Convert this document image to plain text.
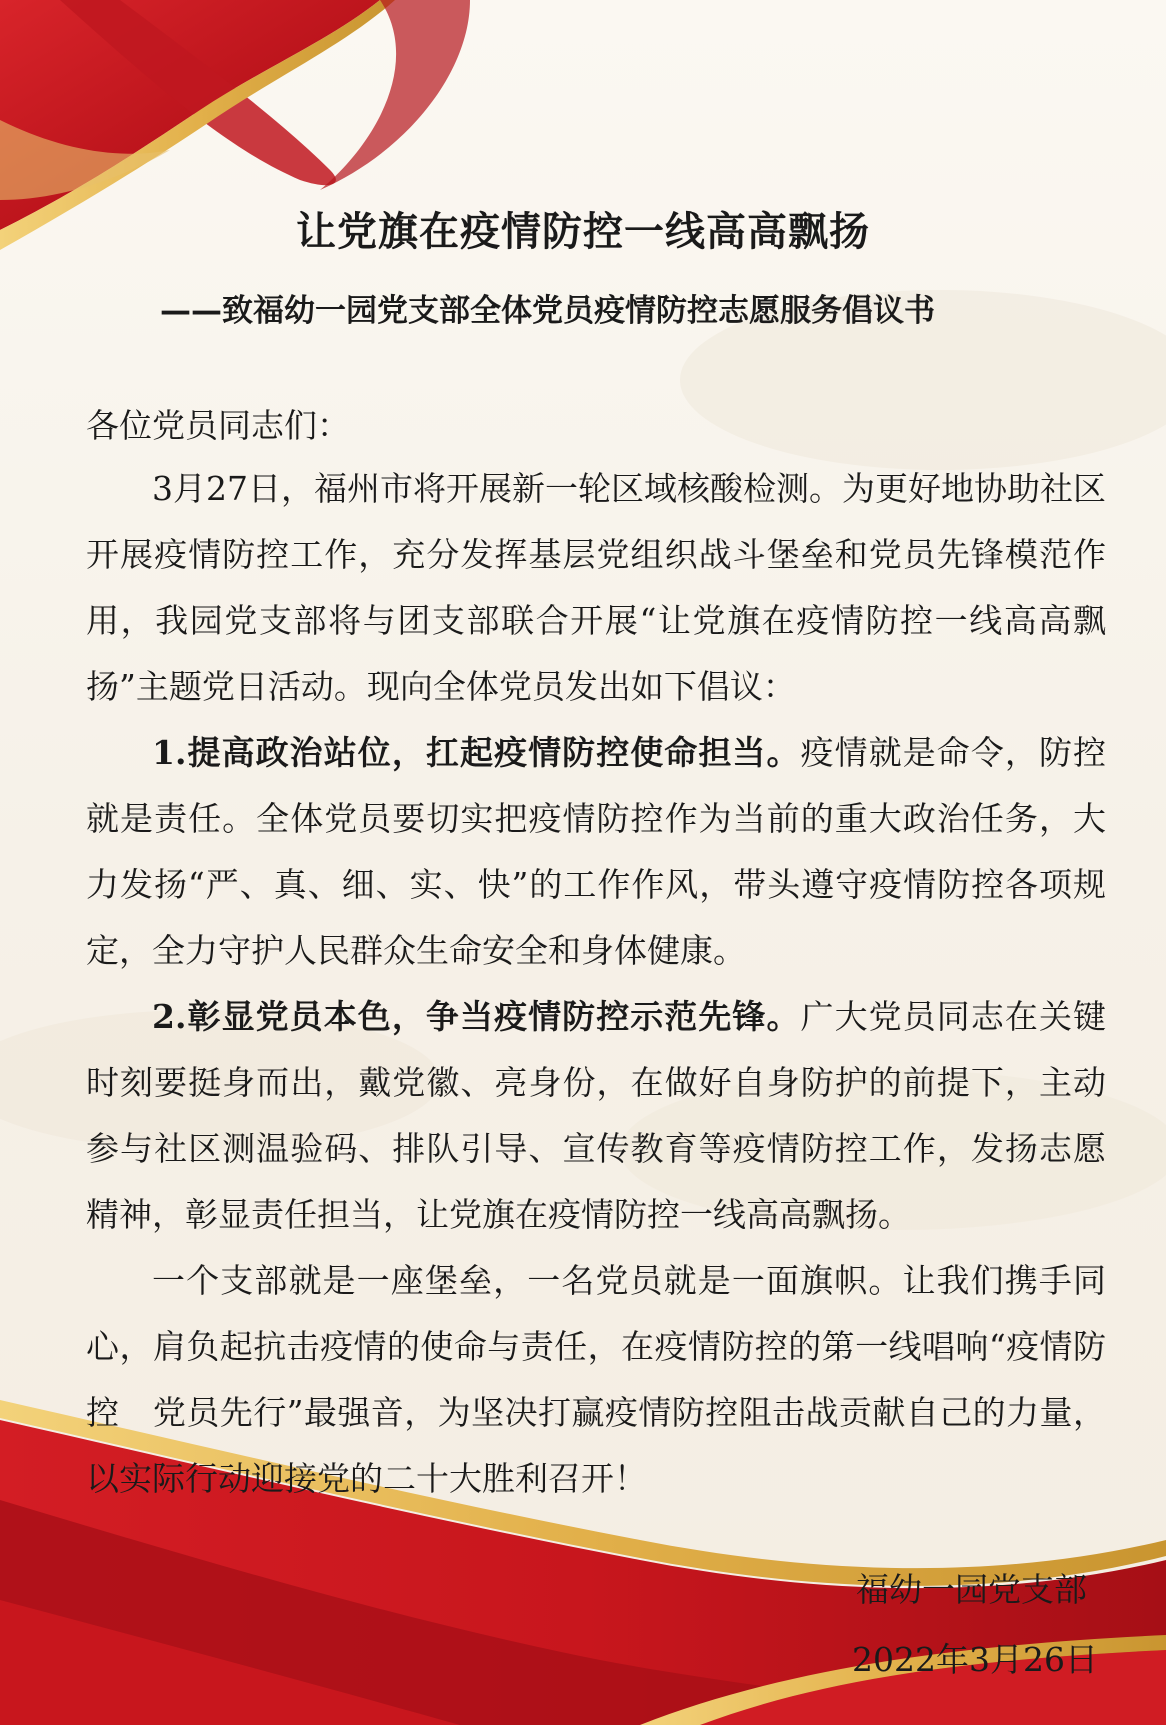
让党旗在疫情防控一线高高飘扬
——致福幼一园党支部全体党员疫情防控志愿服务倡议书
各位党员同志们：

3月27日，福州市将开展新一轮区域核酸检测。为更好地协助社区开展疫情防控工作，充分发挥基层党组织战斗堡垒和党员先锋模范作用，我园党支部将与团支部联合开展“让党旗在疫情防控一线高高飘扬”主题党日活动。现向全体党员发出如下倡议：

1.提高政治站位，扛起疫情防控使命担当。疫情就是命令，防控就是责任。全体党员要切实把疫情防控作为当前的重大政治任务，大力发扬“严、真、细、实、快”的工作作风，带头遵守疫情防控各项规定，全力守护人民群众生命安全和身体健康。

2.彰显党员本色，争当疫情防控示范先锋。广大党员同志在关键时刻要挺身而出，戴党徽、亮身份，在做好自身防护的前提下，主动参与社区测温验码、排队引导、宣传教育等疫情防控工作，发扬志愿精神，彰显责任担当，让党旗在疫情防控一线高高飘扬。

一个支部就是一座堡垒，一名党员就是一面旗帜。让我们携手同心，肩负起抗击疫情的使命与责任，在疫情防控的第一线唱响“疫情防控　党员先行”最强音，为坚决打赢疫情防控阻击战贡献自己的力量，以实际行动迎接党的二十大胜利召开！

福幼一园党支部
2022年3月26日
